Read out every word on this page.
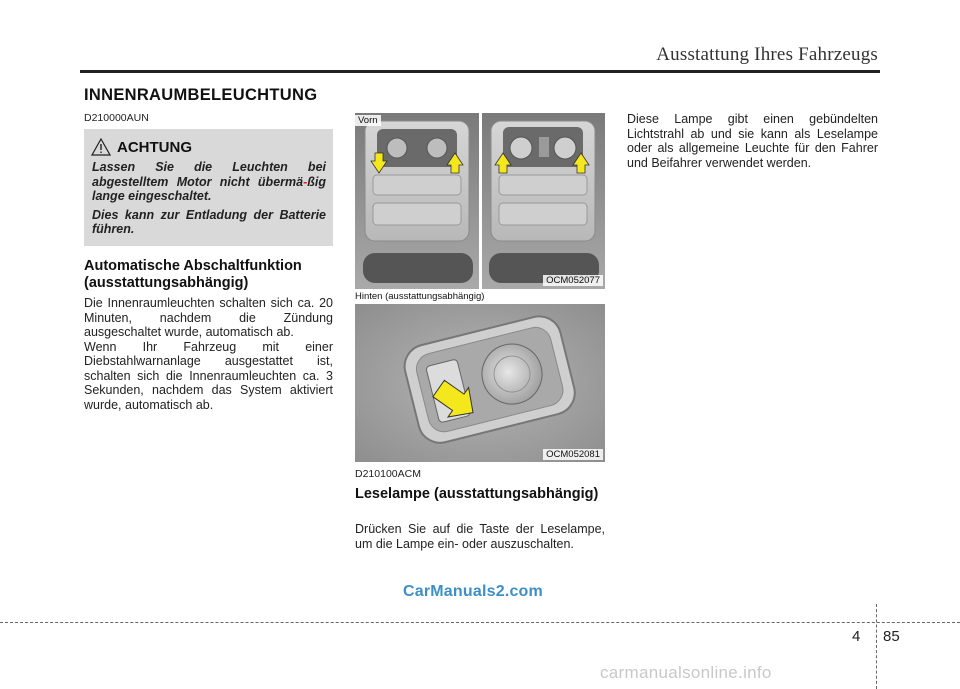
Ausstattung Ihres Fahrzeugs
INNENRAUMBELEUCHTUNG
D210000AUN
ACHTUNG

Lassen Sie die Leuchten bei abgestelltem Motor nicht übermä-ßig lange eingeschaltet.

Dies kann zur Entladung der Batterie führen.

Automatische Abschaltfunktion (ausstattungsabhängig)

Die Innenraumleuchten schalten sich ca. 20 Minuten, nachdem die Zündung ausgeschaltet wurde, automatisch ab.

Wenn Ihr Fahrzeug mit einer Diebstahlwarnanlage ausgestattet ist, schalten sich die Innenraumleuchten ca. 3 Sekunden, nachdem das System aktiviert wurde, automatisch ab.

Vorn
OCM052077
Hinten (ausstattungsabhängig)
OCM052081
D210100ACM
Leselampe (ausstattungsabhängig)
Drücken Sie auf die Taste der Leselampe, um die Lampe ein- oder auszuschalten.
Diese Lampe gibt einen gebündelten Lichtstrahl ab und sie kann als Leselampe oder als allgemeine Leuchte für den Fahrer und Beifahrer verwendet werden.
CarManuals2.com
4 85
carmanualsonline.info
